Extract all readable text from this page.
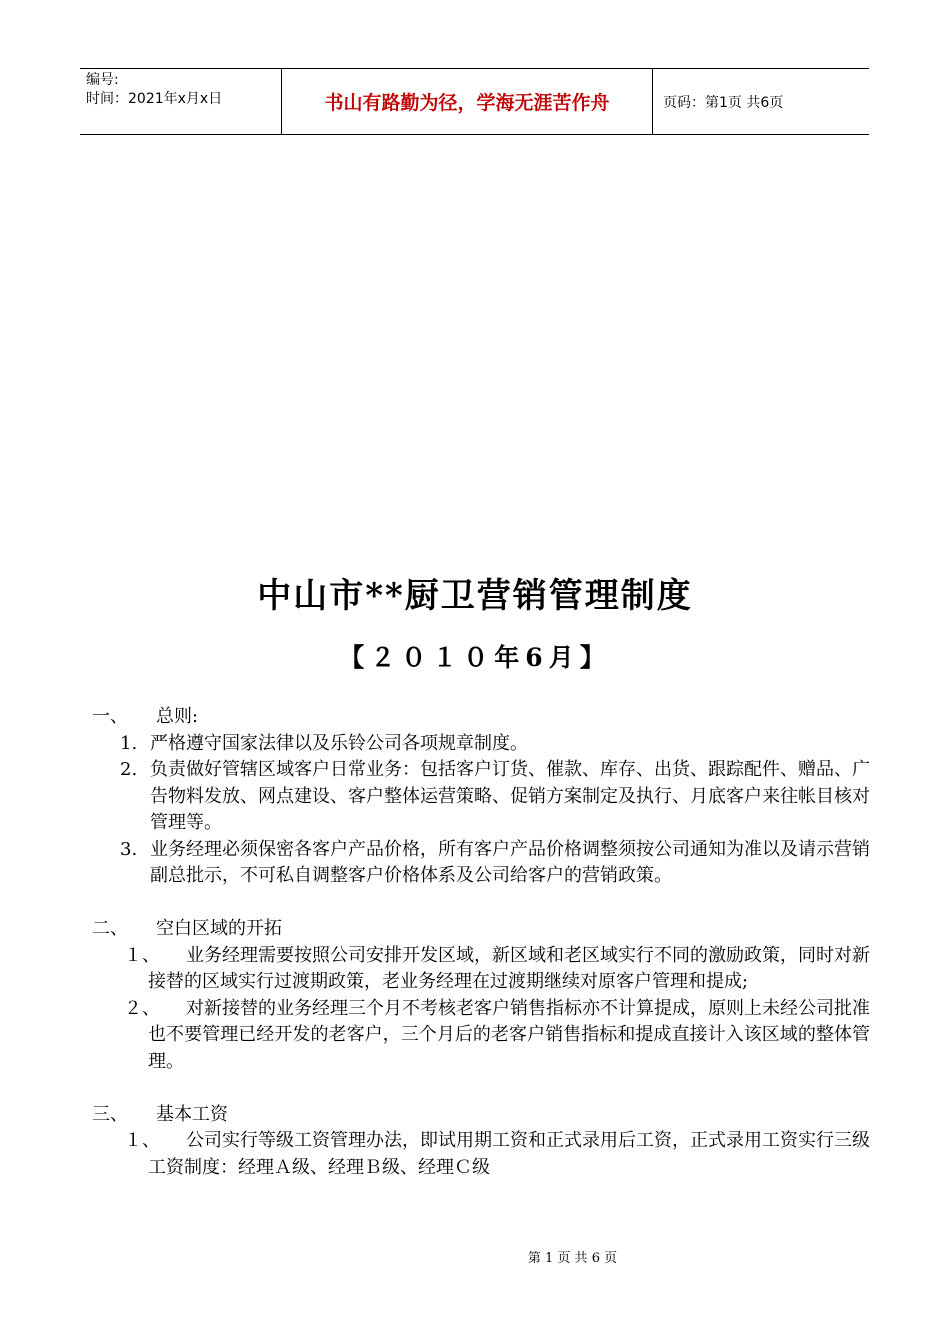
编号:
时间：2021年x月x日	书山有路勤为径，学海无涯苦作舟	页码：第1页 共6页
中山市**厨卫营销管理制度
【２０１０年6月】
一、 总则:
1. 严格遵守国家法律以及乐铃公司各项规章制度。
2. 负责做好管辖区域客户日常业务：包括客户订货、催款、库存、出货、跟踪配件、赠品、广告物料发放、网点建设、客户整体运营策略、促销方案制定及执行、月底客户来往帐目核对管理等。
3. 业务经理必须保密各客户产品价格，所有客户产品价格调整须按公司通知为准以及请示营销副总批示，不可私自调整客户价格体系及公司给客户的营销政策。
二、 空白区域的开拓
１、	业务经理需要按照公司安排开发区域，新区域和老区域实行不同的激励政策，同时对新接替的区域实行过渡期政策，老业务经理在过渡期继续对原客户管理和提成;
２、	对新接替的业务经理三个月不考核老客户销售指标亦不计算提成，原则上未经公司批准也不要管理已经开发的老客户，三个月后的老客户销售指标和提成直接计入该区域的整体管理。
三、 基本工资
１、	公司实行等级工资管理办法，即试用期工资和正式录用后工资，正式录用工资实行三级工资制度：经理Ａ级、经理Ｂ级、经理Ｃ级
第 1 页 共 6 页
